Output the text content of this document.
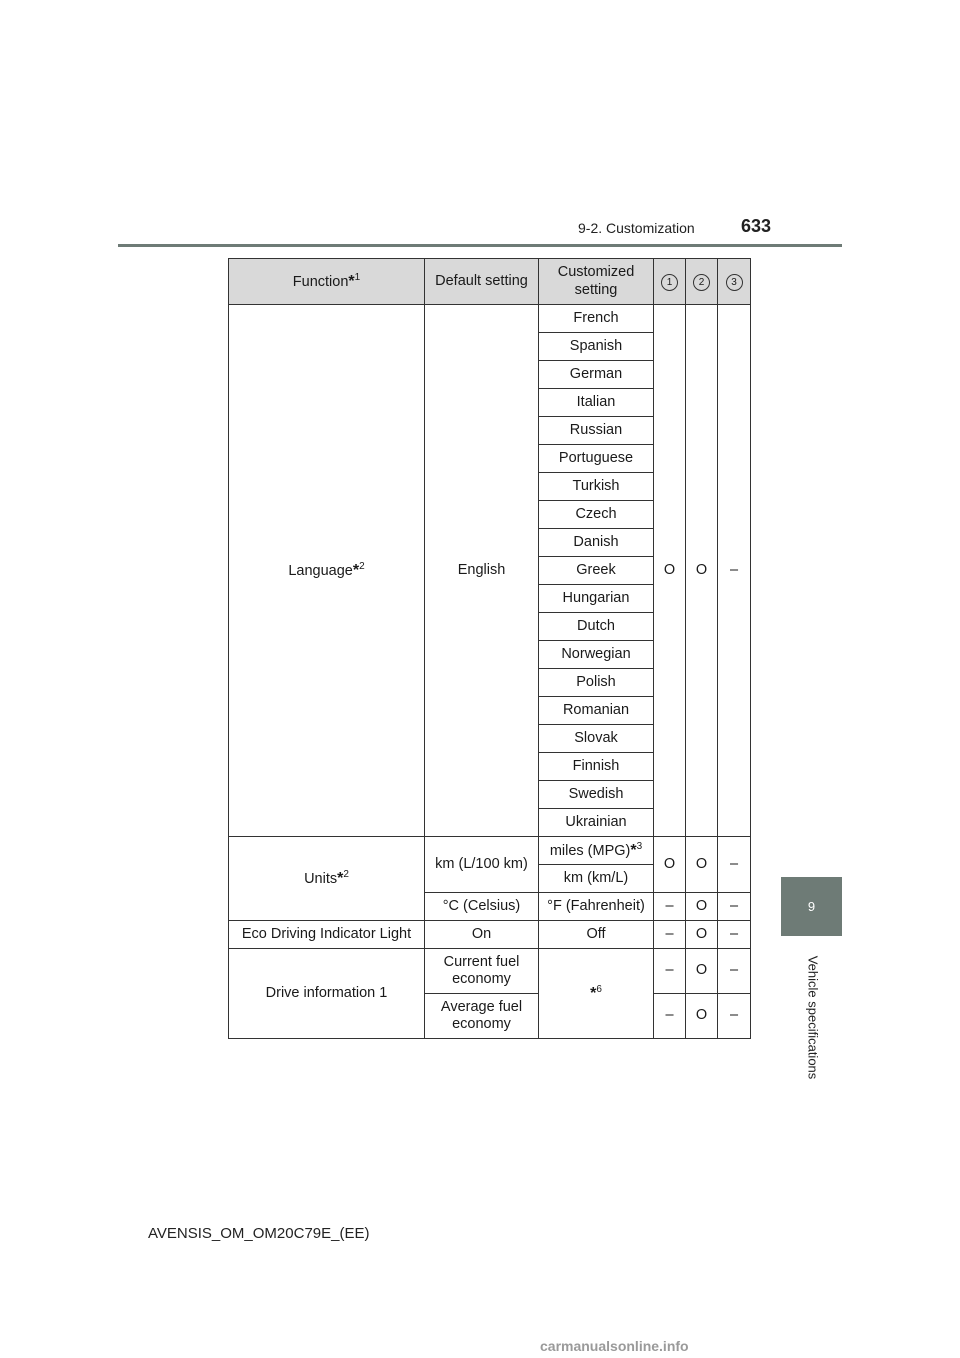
9-2. Customization	633
9
Vehicle specifications
Function*$^1$	Default setting	Customized setting	1	2	3
Language*$^2$	English	French	O	O	–
		Spanish			
		German			
		Italian			
		Russian			
		Portuguese			
		Turkish			
		Czech			
		Danish			
		Greek			
		Hungarian			
		Dutch			
		Norwegian			
		Polish			
		Romanian			
		Slovak			
		Finnish			
		Swedish			
		Ukrainian			
Units*$^2$	km (L/100 km)	miles (MPG)*$^3$	O	O	–
		km (km/L)			
	°C (Celsius)	°F (Fahrenheit)	–	O	–
Eco Driving Indicator Light	On	Off	–	O	–
Drive information 1	Current fuel economy	*$^6$	–	O	–
	Average fuel economy		–	O	–
AVENSIS_OM_OM20C79E_(EE)
carmanualsonline.info
